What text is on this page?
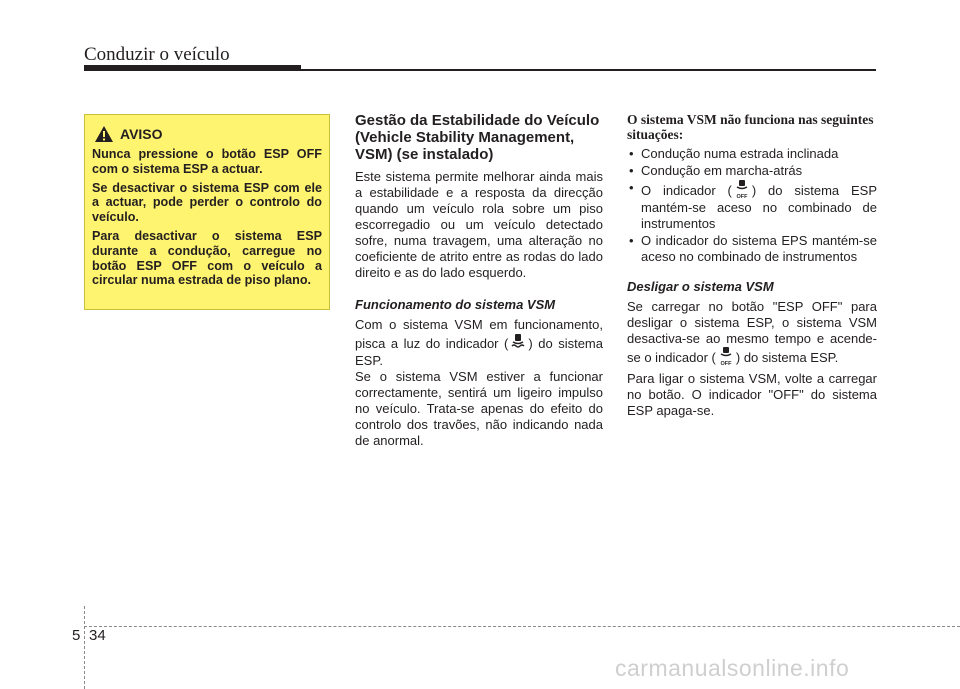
Conduzir o veículo
AVISO

Nunca pressione o botão ESP OFF com o sistema ESP a actuar.

Se desactivar o sistema ESP com ele a actuar, pode perder o controlo do veículo.

Para desactivar o sistema ESP durante a condução, carregue no botão ESP OFF com o veículo a circular numa estrada de piso plano.

Gestão da Estabilidade do Veículo (Vehicle Stability Management, VSM) (se instalado)

Este sistema permite melhorar ainda mais a estabilidade e a resposta da direcção quando um veículo rola sobre um piso escorregadio ou um veículo detectado sofre, numa travagem, uma alteração no coeficiente de atrito entre as rodas do lado direito e as do lado esquerdo.

Funcionamento do sistema VSM

Com o sistema VSM em funcionamento, pisca a luz do indicador ( ) do sistema ESP.

Se o sistema VSM estiver a funcionar correctamente, sentirá um ligeiro impulso no veículo. Trata-se apenas do efeito do controlo dos travões, não indicando nada de anormal.

O sistema VSM não funciona nas seguintes situações:

• Condução numa estrada inclinada
• Condução em marcha-atrás
• O indicador ( OFF ) do sistema ESP mantém-se aceso no combinado de instrumentos
• O indicador do sistema EPS mantém-se aceso no combinado de instrumentos

Desligar o sistema VSM

Se carregar no botão "ESP OFF" para desligar o sistema ESP, o sistema VSM desactiva-se ao mesmo tempo e acende-se o indicador ( OFF ) do sistema ESP.

Para ligar o sistema VSM, volte a carregar no botão. O indicador "OFF" do sistema ESP apaga-se.

5 34
carmanualsonline.info
